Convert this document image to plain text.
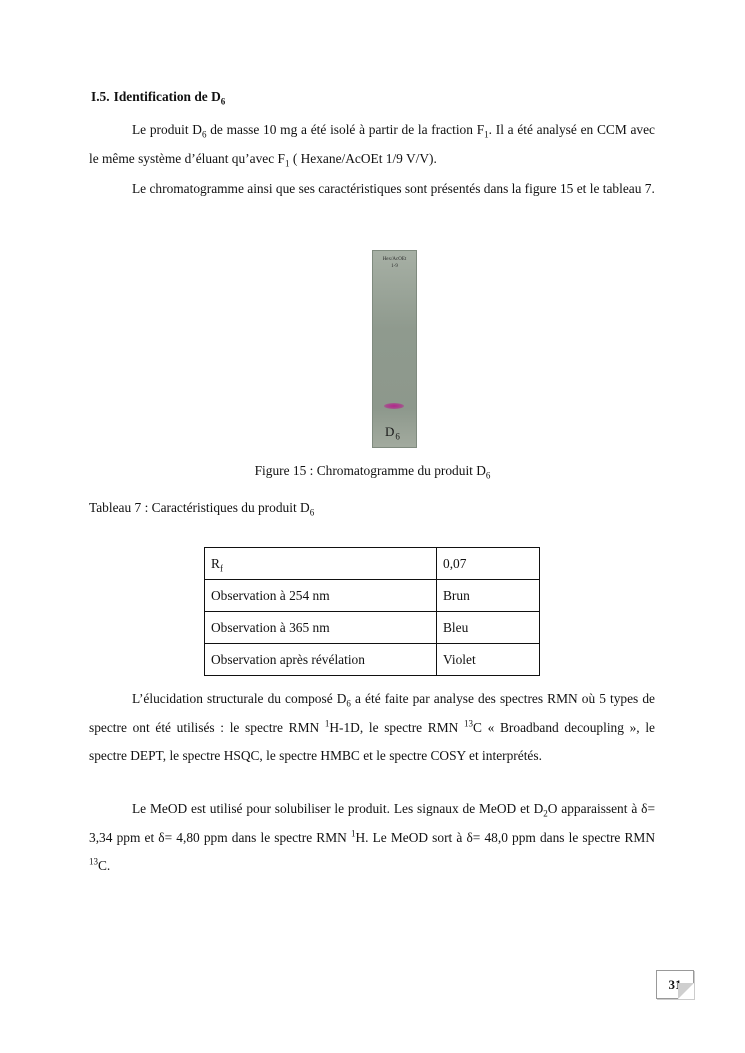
I.5. Identification de $D_6$

Le produit $D_6$ de masse 10 mg a été isolé à partir de la fraction $F_1$. Il a été analysé en CCM avec le même système d’éluant qu’avec $F_1$ ( Hexane/AcOEt 1/9 V/V).

Le chromatogramme ainsi que ses caractéristiques sont présentés dans la figure 15 et le tableau 7.

Hex/AcOEt
1-9
$D_6$
Figure 15 : Chromatogramme du produit $D_6$
Tableau 7 : Caractéristiques du produit $D_6$
$R_f$	0,07
Observation à 254 nm	Brun
Observation à 365 nm	Bleu
Observation après révélation	Violet

L’élucidation structurale du composé $D_6$ a été faite par analyse des spectres RMN où 5 types de spectre ont été utilisés : le spectre RMN $^1$H-1D, le spectre RMN $^{13}$C « Broadband decoupling », le spectre DEPT, le spectre HSQC, le spectre HMBC et le spectre COSY et interprétés.

Le MeOD est utilisé pour solubiliser le produit. Les signaux de MeOD et $D_2O$ apparaissent à δ= 3,34 ppm et δ= 4,80 ppm dans le spectre RMN $^1$H. Le MeOD sort à δ= 48,0 ppm dans le spectre RMN $^{13}$C.

31
